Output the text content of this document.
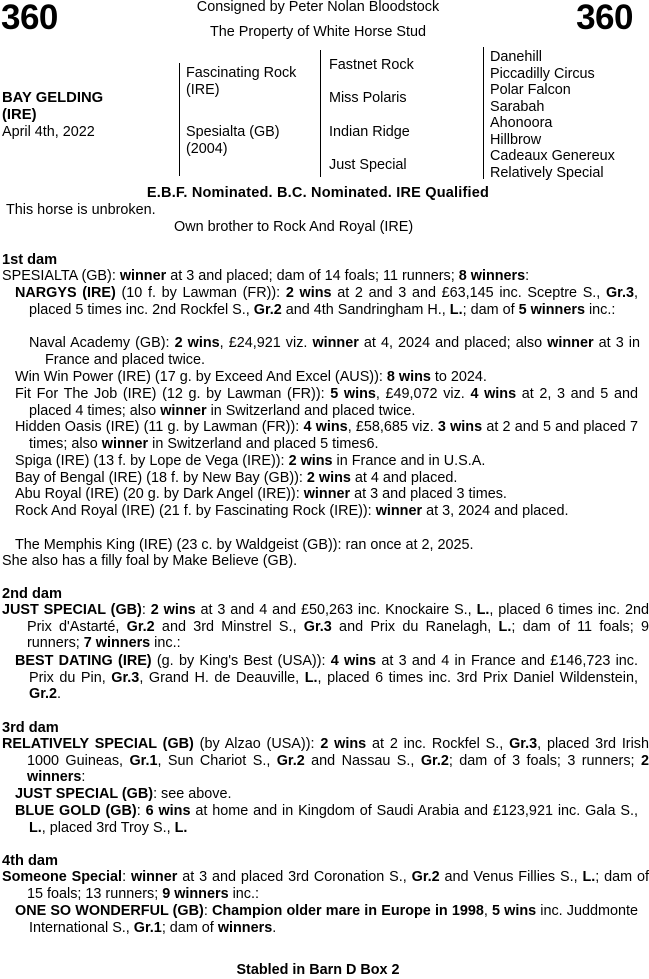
360	360
Consigned by Peter Nolan Bloodstock
The Property of White Horse Stud
BAY GELDING
(IRE)
April 4th, 2022
Fascinating Rock
(IRE)
Spesialta (GB)
(2004)
Fastnet Rock
Miss Polaris
Indian Ridge
Just Special
Danehill
Piccadilly Circus
Polar Falcon
Sarabah
Ahonoora
Hillbrow
Cadeaux Genereux
Relatively Special
E.B.F. Nominated. B.C. Nominated. IRE Qualified
This horse is unbroken.
Own brother to Rock And Royal (IRE)
1st dam
SPESIALTA (GB): winner at 3 and placed; dam of 14 foals; 11 runners; 8 winners:
NARGYS (IRE) (10 f. by Lawman (FR)): 2 wins at 2 and 3 and £63,145 inc. Sceptre S., Gr.3, placed 5 times inc. 2nd Rockfel S., Gr.2 and 4th Sandringham H., L.; dam of 5 winners inc.:
Naval Academy (GB): 2 wins, £24,921 viz. winner at 4, 2024 and placed; also winner at 3 in France and placed twice.
Win Win Power (IRE) (17 g. by Exceed And Excel (AUS)): 8 wins to 2024.
Fit For The Job (IRE) (12 g. by Lawman (FR)): 5 wins, £49,072 viz. 4 wins at 2, 3 and 5 and placed 4 times; also winner in Switzerland and placed twice.
Hidden Oasis (IRE) (11 g. by Lawman (FR)): 4 wins, £58,685 viz. 3 wins at 2 and 5 and placed 7 times; also winner in Switzerland and placed 5 times6.
Spiga (IRE) (13 f. by Lope de Vega (IRE)): 2 wins in France and in U.S.A.
Bay of Bengal (IRE) (18 f. by New Bay (GB)): 2 wins at 4 and placed.
Abu Royal (IRE) (20 g. by Dark Angel (IRE)): winner at 3 and placed 3 times.
Rock And Royal (IRE) (21 f. by Fascinating Rock (IRE)): winner at 3, 2024 and placed.
The Memphis King (IRE) (23 c. by Waldgeist (GB)): ran once at 2, 2025.
She also has a filly foal by Make Believe (GB).
2nd dam
JUST SPECIAL (GB): 2 wins at 3 and 4 and £50,263 inc. Knockaire S., L., placed 6 times inc. 2nd Prix d'Astarté, Gr.2 and 3rd Minstrel S., Gr.3 and Prix du Ranelagh, L.; dam of 11 foals; 9 runners; 7 winners inc.:
BEST DATING (IRE) (g. by King's Best (USA)): 4 wins at 3 and 4 in France and £146,723 inc. Prix du Pin, Gr.3, Grand H. de Deauville, L., placed 6 times inc. 3rd Prix Daniel Wildenstein, Gr.2.
3rd dam
RELATIVELY SPECIAL (GB) (by Alzao (USA)): 2 wins at 2 inc. Rockfel S., Gr.3, placed 3rd Irish 1000 Guineas, Gr.1, Sun Chariot S., Gr.2 and Nassau S., Gr.2; dam of 3 foals; 3 runners; 2 winners:
JUST SPECIAL (GB): see above.
BLUE GOLD (GB): 6 wins at home and in Kingdom of Saudi Arabia and £123,921 inc. Gala S., L., placed 3rd Troy S., L.
4th dam
Someone Special: winner at 3 and placed 3rd Coronation S., Gr.2 and Venus Fillies S., L.; dam of 15 foals; 13 runners; 9 winners inc.:
ONE SO WONDERFUL (GB): Champion older mare in Europe in 1998, 5 wins inc. Juddmonte International S., Gr.1; dam of winners.
Stabled in Barn D Box 2
